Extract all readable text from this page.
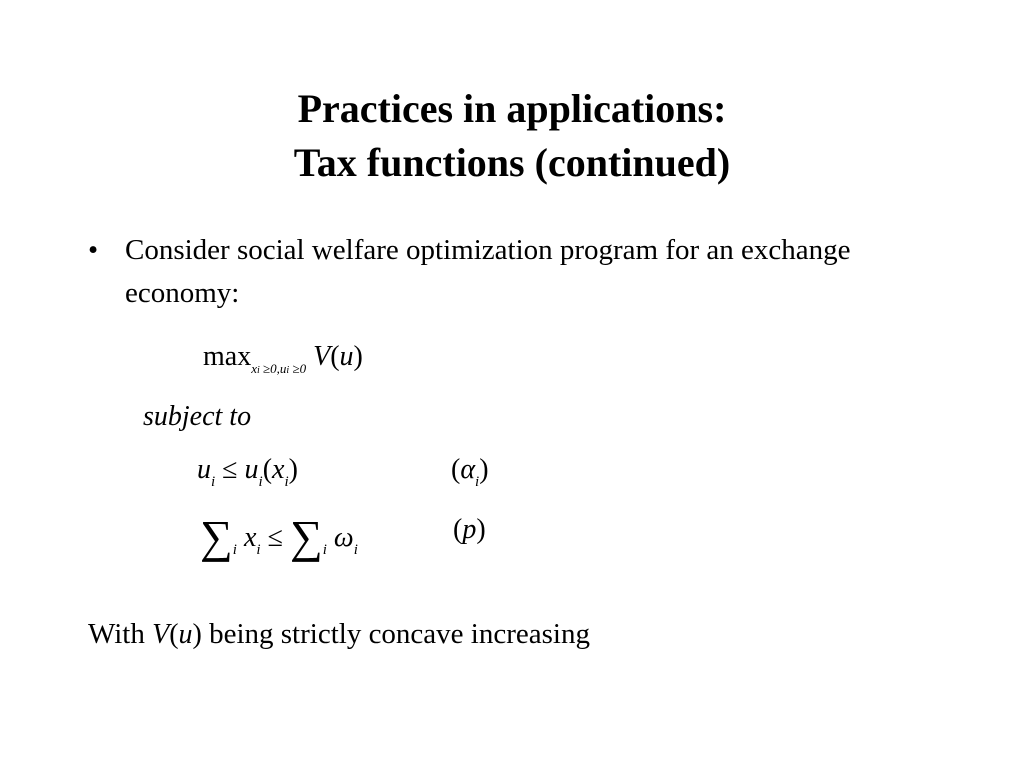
Practices in applications:
Tax functions (continued)
• Consider social welfare optimization program for an exchange economy:
$\max_{xi \ge 0,ui \ge 0} V(u)$
subject to
$u_i \le u_i(x_i)$	$(\alpha_i)$
$\sum_i$ $x_i \le \sum_i$ $\omega_i$
(p)
With V(u) being strictly concave increasing
